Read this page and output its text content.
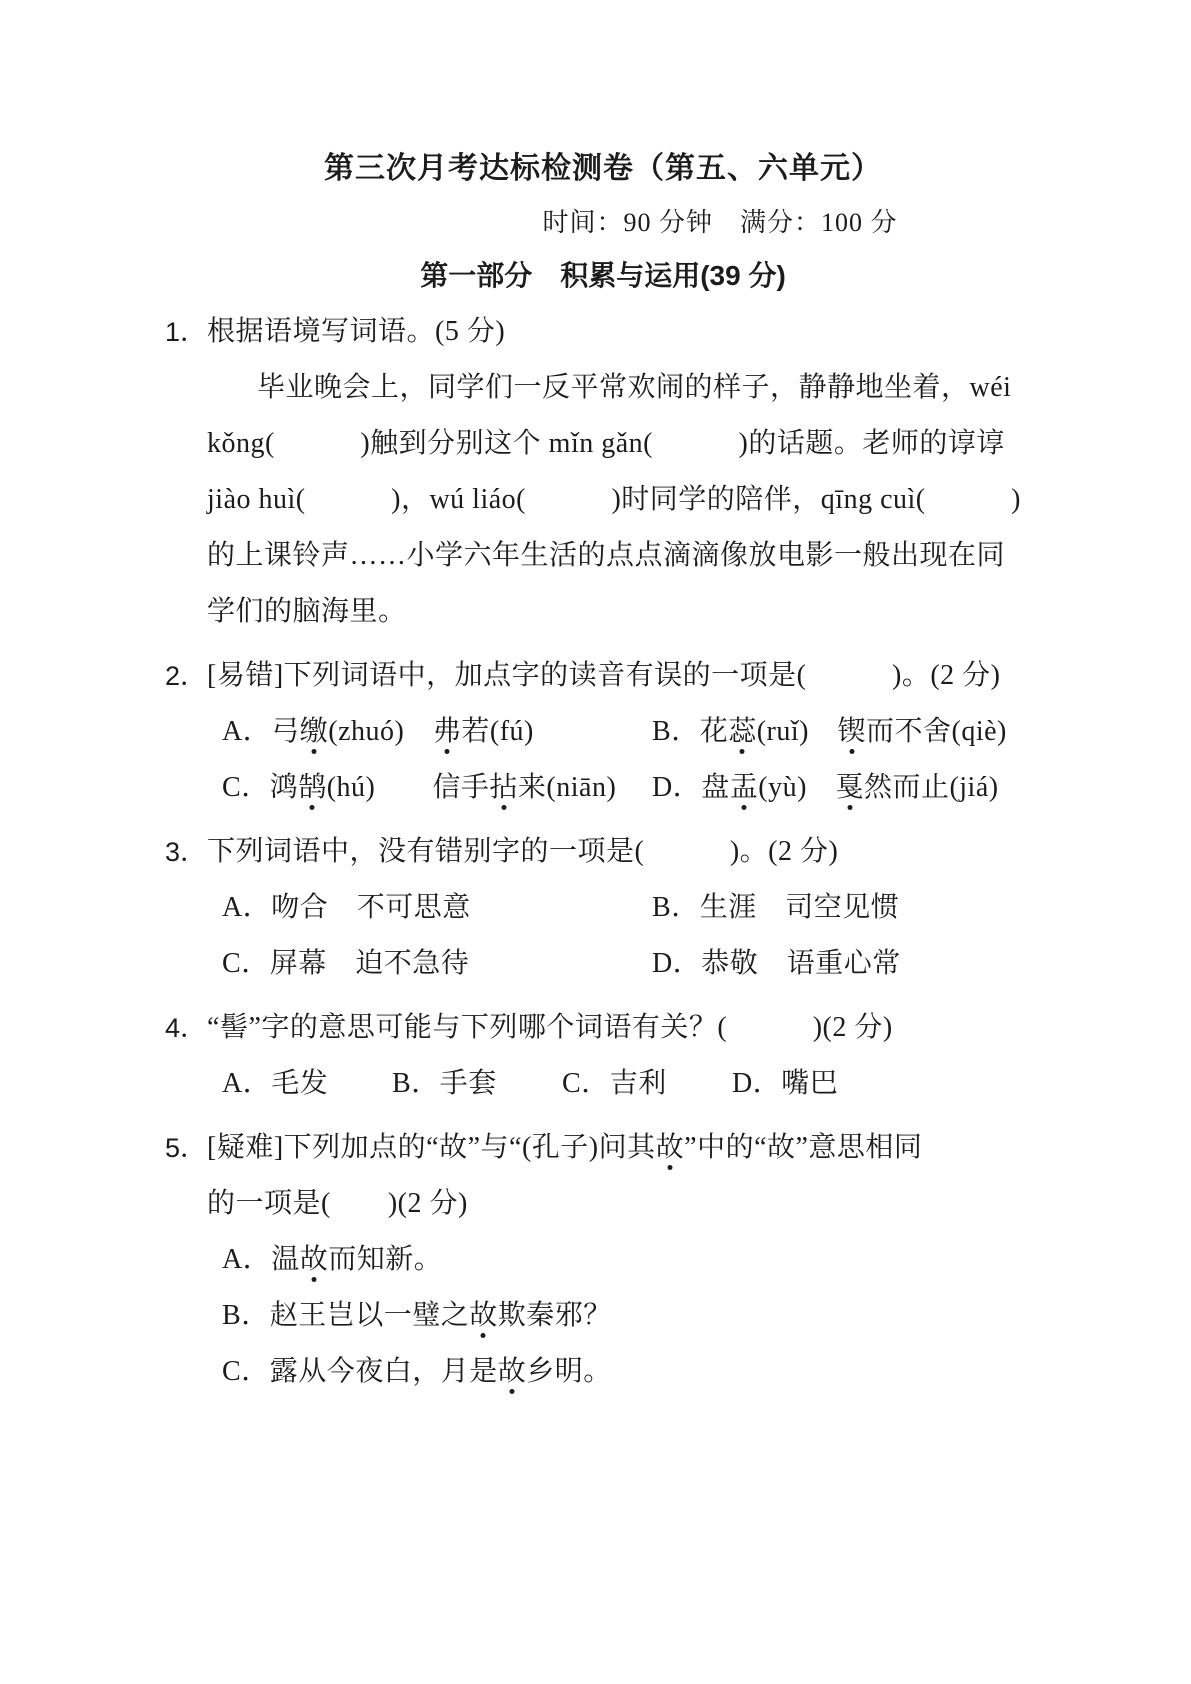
第三次月考达标检测卷（第五、六单元）
时间：90 分钟　满分：100 分
第一部分　积累与运用(39 分)
1． 根据语境写词语。(5 分)
毕业晚会上，同学们一反平常欢闹的样子，静静地坐着，wéi
kǒng(　　　)触到分别这个 mǐn gǎn(　　　)的话题。老师的谆谆
jiào huì(　　　)，wú liáo(　　　)时同学的陪伴，qīng cuì(　　　)
的上课铃声……小学六年生活的点点滴滴像放电影一般出现在同
学们的脑海里。
2． [易错]下列词语中，加点字的读音有误的一项是(　　　)。(2 分)
A．弓缴(zhuó)　弗若(fú)	B．花蕊(ruǐ)　锲而不舍(qiè)
C．鸿鹄(hú)　　信手拈来(niān)	D．盘盂(yù)　戛然而止(jiá)
3． 下列词语中，没有错别字的一项是(　　　)。(2 分)
A．吻合　不可思意	B．生涯　司空见惯
C．屏幕　迫不急待	D．恭敬　语重心常
4． “髻”字的意思可能与下列哪个词语有关？(　　　)(2 分)
A．毛发	B．手套	C．吉利	D．嘴巴
5． [疑难]下列加点的“故”与“(孔子)问其故”中的“故”意思相同
的一项是(　　)(2 分)
A．温故而知新。
B．赵王岂以一璧之故欺秦邪？
C．露从今夜白，月是故乡明。
